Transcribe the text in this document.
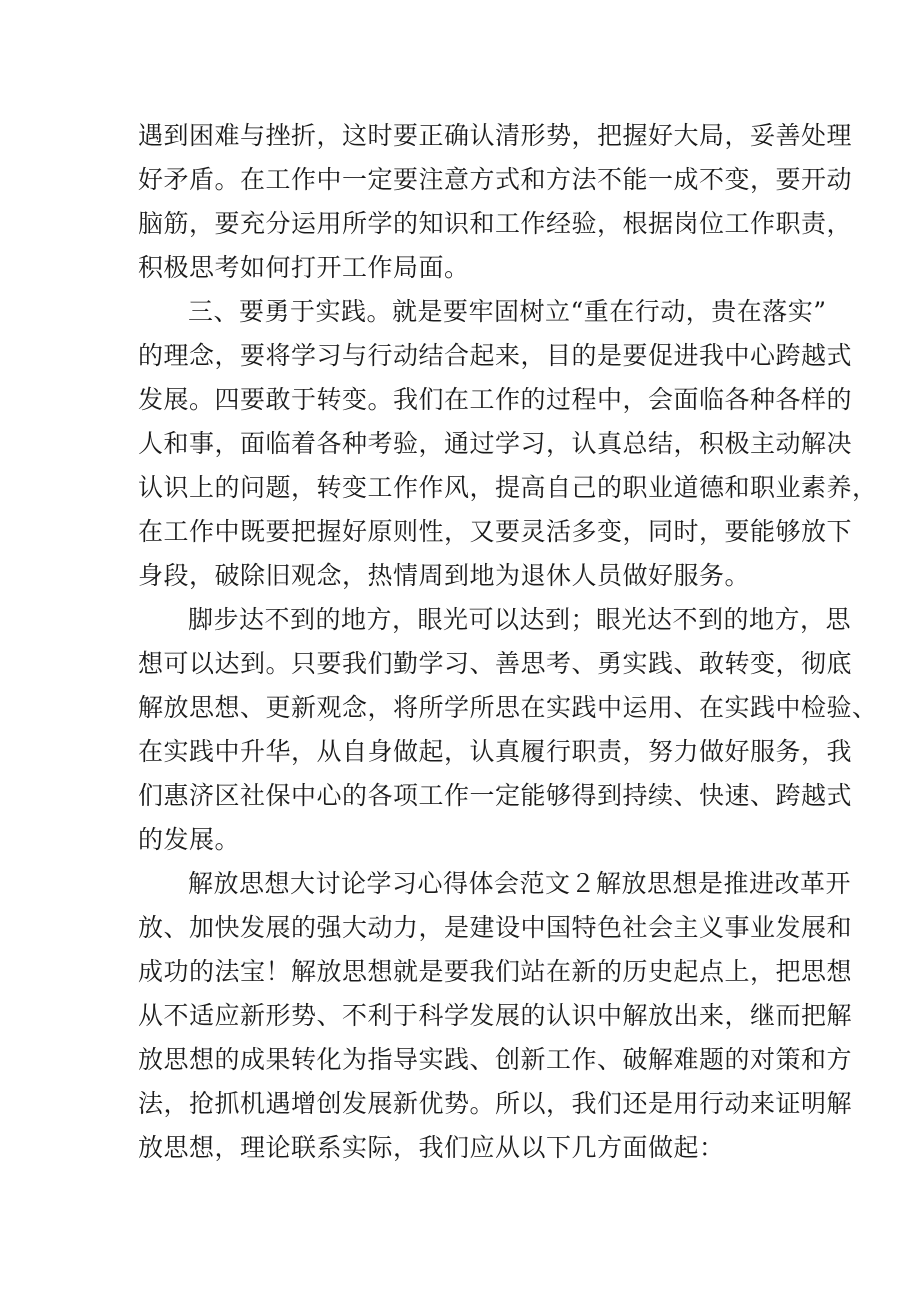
遇到困难与挫折，这时要正确认清形势，把握好大局，妥善处理
好矛盾。在工作中一定要注意方式和方法不能一成不变，要开动
脑筋，要充分运用所学的知识和工作经验，根据岗位工作职责，
积极思考如何打开工作局面。
三、要勇于实践。就是要牢固树立“重在行动，贵在落实”
的理念，要将学习与行动结合起来，目的是要促进我中心跨越式
发展。四要敢于转变。我们在工作的过程中，会面临各种各样的
人和事，面临着各种考验，通过学习，认真总结，积极主动解决
认识上的问题，转变工作作风，提高自己的职业道德和职业素养，
在工作中既要把握好原则性，又要灵活多变，同时，要能够放下
身段，破除旧观念，热情周到地为退休人员做好服务。
脚步达不到的地方，眼光可以达到；眼光达不到的地方，思
想可以达到。只要我们勤学习、善思考、勇实践、敢转变，彻底
解放思想、更新观念，将所学所思在实践中运用、在实践中检验、
在实践中升华，从自身做起，认真履行职责，努力做好服务，我
们惠济区社保中心的各项工作一定能够得到持续、快速、跨越式
的发展。
解放思想大讨论学习心得体会范文２解放思想是推进改革开
放、加快发展的强大动力，是建设中国特色社会主义事业发展和
成功的法宝！解放思想就是要我们站在新的历史起点上，把思想
从不适应新形势、不利于科学发展的认识中解放出来，继而把解
放思想的成果转化为指导实践、创新工作、破解难题的对策和方
法，抢抓机遇增创发展新优势。所以，我们还是用行动来证明解
放思想，理论联系实际，我们应从以下几方面做起：
